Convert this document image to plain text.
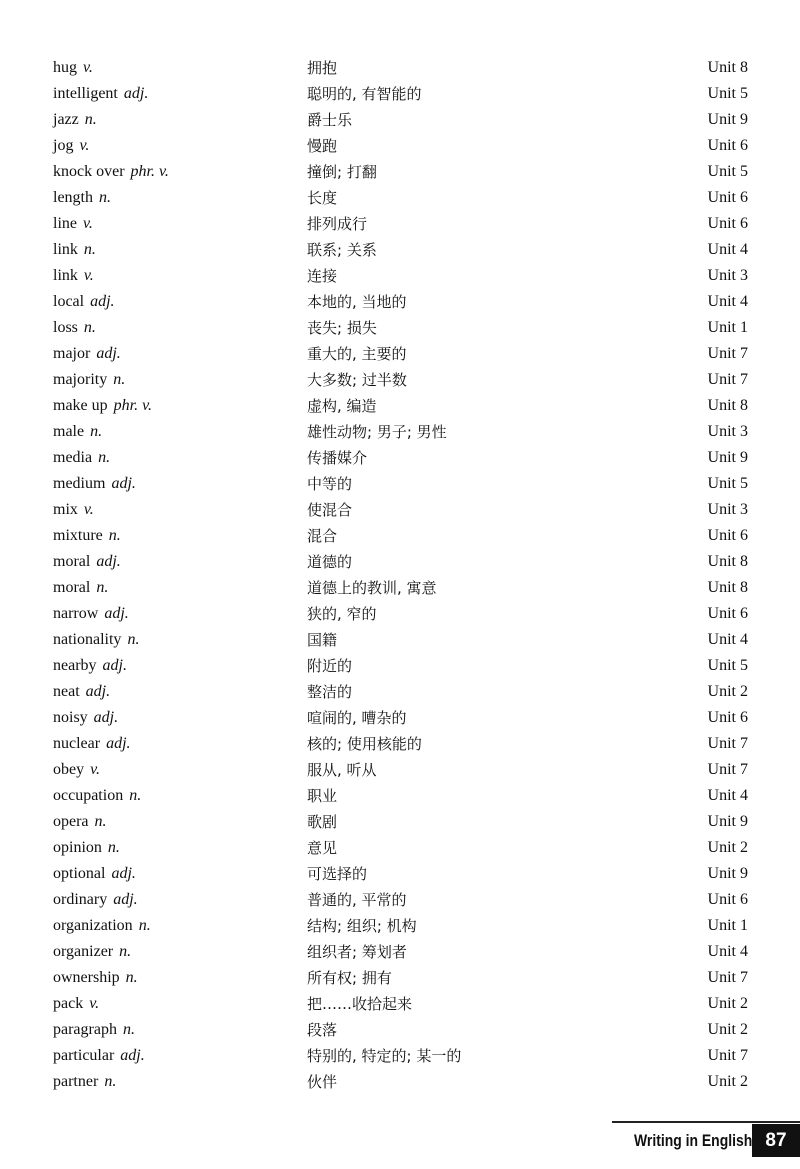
hug v.	拥抱	Unit 8
intelligent adj.	聪明的, 有智能的	Unit 5
jazz n.	爵士乐	Unit 9
jog v.	慢跑	Unit 6
knock over phr. v.	撞倒; 打翻	Unit 5
length n.	长度	Unit 6
line v.	排列成行	Unit 6
link n.	联系; 关系	Unit 4
link v.	连接	Unit 3
local adj.	本地的, 当地的	Unit 4
loss n.	丧失; 损失	Unit 1
major adj.	重大的, 主要的	Unit 7
majority n.	大多数; 过半数	Unit 7
make up phr. v.	虚构, 编造	Unit 8
male n.	雄性动物; 男子; 男性	Unit 3
media n.	传播媒介	Unit 9
medium adj.	中等的	Unit 5
mix v.	使混合	Unit 3
mixture n.	混合	Unit 6
moral adj.	道德的	Unit 8
moral n.	道德上的教训, 寓意	Unit 8
narrow adj.	狭的, 窄的	Unit 6
nationality n.	国籍	Unit 4
nearby adj.	附近的	Unit 5
neat adj.	整洁的	Unit 2
noisy adj.	喧闹的, 嘈杂的	Unit 6
nuclear adj.	核的; 使用核能的	Unit 7
obey v.	服从, 听从	Unit 7
occupation n.	职业	Unit 4
opera n.	歌剧	Unit 9
opinion n.	意见	Unit 2
optional adj.	可选择的	Unit 9
ordinary adj.	普通的, 平常的	Unit 6
organization n.	结构; 组织; 机构	Unit 1
organizer n.	组织者; 筹划者	Unit 4
ownership n.	所有权; 拥有	Unit 7
pack v.	把……收拾起来	Unit 2
paragraph n.	段落	Unit 2
particular adj.	特别的, 特定的; 某一的	Unit 7
partner n.	伙伴	Unit 2
Writing in English 87
